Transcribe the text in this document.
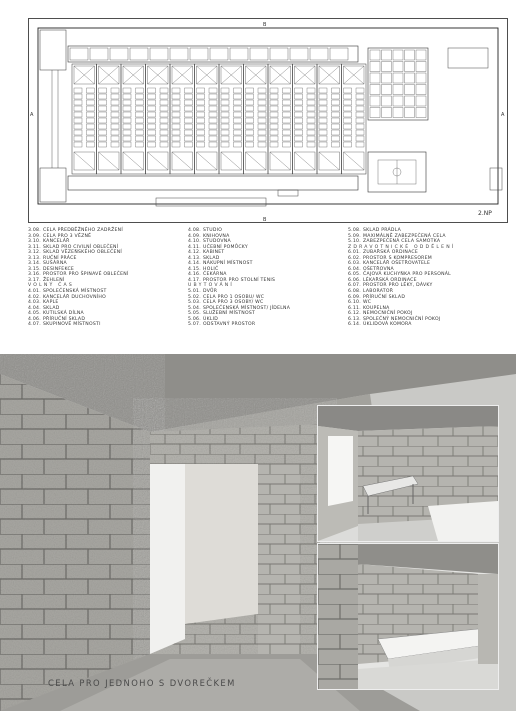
A	A
B
B
2.NP
3.08. CELA PŘEDBĚŽNÉHO ZADRŽENÍ
3.09. CELA PRO 3 VĚZNĚ
3.10. KANCELÁŘ
3.11. SKLAD PRO CIVILNÍ OBLEČENÍ
3.12. SKLAD VĚZEŇSKÉHO OBLEČENÍ
3.13. RUČNÍ PRÁCE
3.14. SUŠÁRNA
3.15. DESINFEKCE
3.16. PROSTOR PRO ŠPINAVÉ OBLEČENÍ
3.17. ŽEHLENÍ
VOLNÝ ČAS
4.01. SPOLEČENSKÁ MÍSTNOST
4.02. KANCELÁŘ DUCHOVNÍHO
4.03. KAPLE
4.04. SKLAD
4.05. KUTILSKÁ DÍLNA
4.06. PŘÍRUČNÍ SKLAD
4.07. SKUPINOVÉ MÍSTNOSTI
4.08. STUDIO
4.09. KNIHOVNA
4.10. STUDOVNA
4.11. UČEBNÍ POMŮCKY
4.12. KABINET
4.13. SKLAD
4.14. NÁKUPNÍ MÍSTNOST
4.15. HOLIČ
4.16. ČEKÁRNA
4.17. PROSTOR PRO STOLNÍ TENIS
UBYTOVÁNÍ
5.01. DVŮR
5.02. CELA PRO 1 OSOBU/ WC
5.03. CELA PRO 3 OSOBY/ WC
5.04. SPOLEČENSKÁ MÍSTNOST/ JÍDELNA
5.05. SLUŽEBNÍ MÍSTNOST
5.06. ÚKLID
5.07. ODSTAVNÝ PROSTOR
5.08. SKLAD PRÁDLA
5.09. MAXIMÁLNĚ ZABEZPEČENÁ CELA
5.10. ZABEZPEČENÁ CELA SAMOTKA
ZDRAVOTNICKÉ ODDĚLENÍ
6.01. ZUBAŘSKÁ ORDINACE
6.02. PROSTOR S KOMPRESOREM
6.03. KANCELÁŘ OŠETŘOVATELE
6.04. OŠETŘOVNA
6.05. ČAJOVÁ KUCHYŇKA PRO PERSONÁL
6.06. LÉKAŘSKÁ ORDINACE
6.07. PROSTOR PRO LÉKY, DÁVKY
6.08. LABORATOŘ
6.09. PŘÍRUČNÍ SKLAD
6.10. WC
6.11. KOUPELNA
6.12. NEMOCNIČNÍ POKOJ
6.13. SPOLEČNÝ NEMOCNIČNÍ POKOJ
6.14. ÚKLIDOVÁ KOMORA
CELA PRO JEDNOHO S DVOREČKEM
